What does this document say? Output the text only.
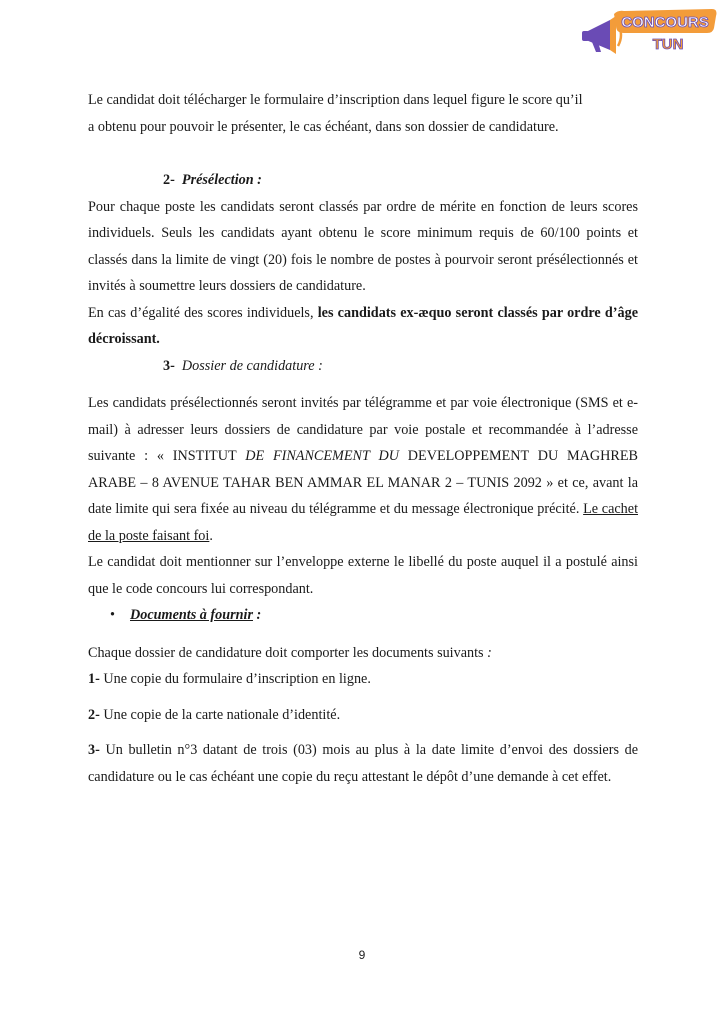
CONCOURS
TUN

Le candidat doit télécharger le formulaire d’inscription dans lequel figure le score qu’il

a obtenu pour pouvoir le présenter, le cas échéant, dans son dossier de candidature.

2- Présélection :

Pour chaque poste les candidats seront classés par ordre de mérite en fonction de leurs scores individuels. Seuls les candidats ayant obtenu le score minimum requis de 60/100 points et classés dans la limite de vingt (20) fois le nombre de postes à pourvoir seront présélectionnés et invités à soumettre leurs dossiers de candidature.

En cas d’égalité des scores individuels, les candidats ex-æquo seront classés par ordre d’âge décroissant.

3- Dossier de candidature :

Les candidats présélectionnés seront invités par télégramme et par voie électronique (SMS et e-mail) à adresser leurs dossiers de candidature par voie postale et recommandée à l’adresse suivante : « INSTITUT DE FINANCEMENT DU DEVELOPPEMENT DU MAGHREB ARABE – 8 AVENUE TAHAR BEN AMMAR EL MANAR 2 – TUNIS 2092 » et ce, avant la date limite qui sera fixée au niveau du télégramme et du message électronique précité. Le cachet de la poste faisant foi.

Le candidat doit mentionner sur l’enveloppe externe le libellé du poste auquel il a postulé ainsi que le code concours lui correspondant.

• Documents à fournir :

Chaque dossier de candidature doit comporter les documents suivants :

1- Une copie du formulaire d’inscription en ligne.

2- Une copie de la carte nationale d’identité.

3- Un bulletin n°3 datant de trois (03) mois au plus à la date limite d’envoi des dossiers de candidature ou le cas échéant une copie du reçu attestant le dépôt d’une demande à cet effet.

9
